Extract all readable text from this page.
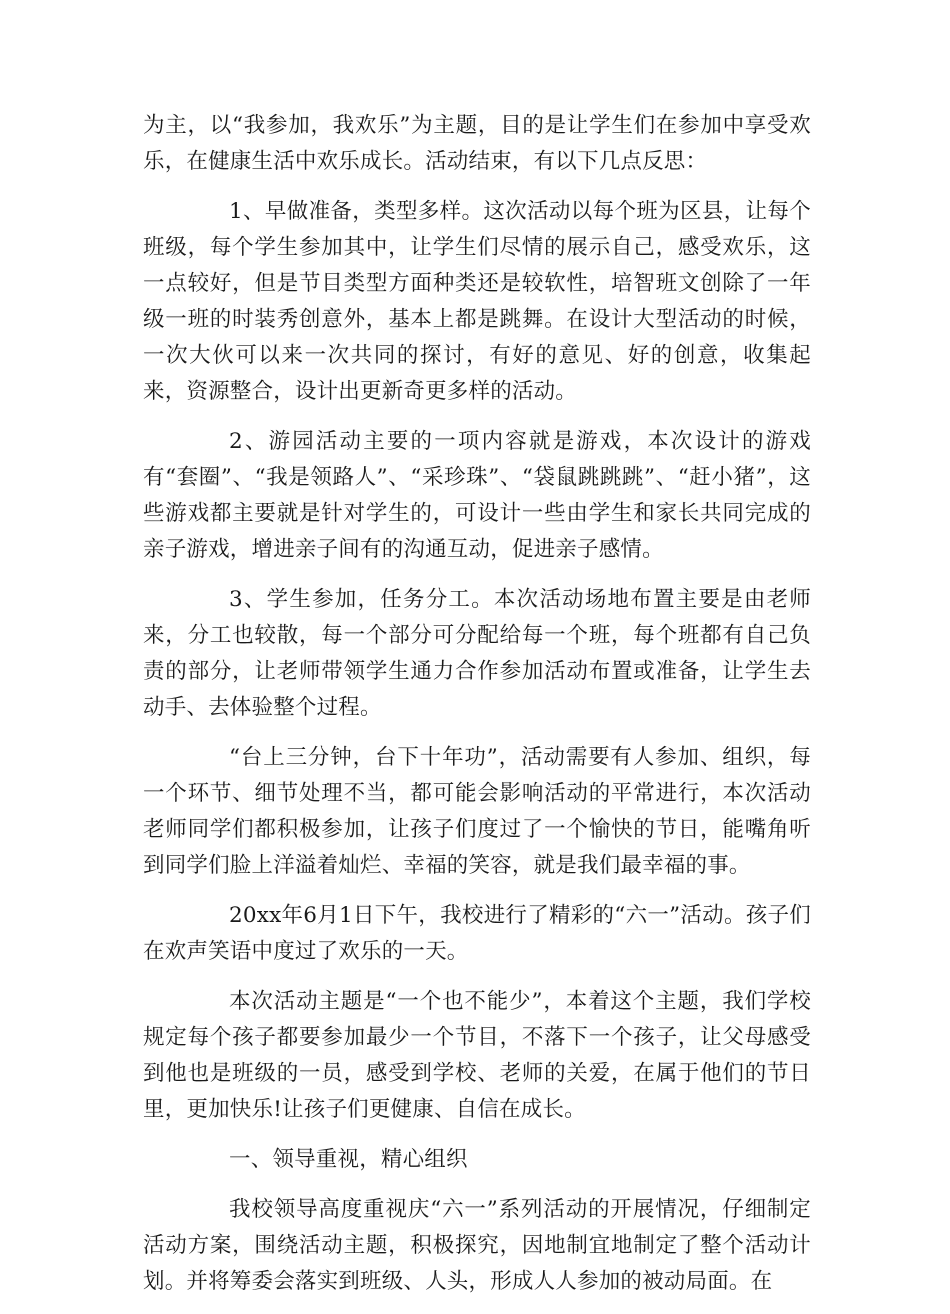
为主，以“我参加，我欢乐”为主题，目的是让学生们在参加中享受欢乐，在健康生活中欢乐成长。活动结束，有以下几点反思：

1、早做准备，类型多样。这次活动以每个班为区县，让每个班级，每个学生参加其中，让学生们尽情的展示自己，感受欢乐，这一点较好，但是节目类型方面种类还是较软性，培智班文创除了一年级一班的时装秀创意外，基本上都是跳舞。在设计大型活动的时候，一次大伙可以来一次共同的探讨，有好的意见、好的创意，收集起来，资源整合，设计出更新奇更多样的活动。

2、游园活动主要的一项内容就是游戏，本次设计的游戏有“套圈”、“我是领路人”、“采珍珠”、“袋鼠跳跳跳”、“赶小猪”，这些游戏都主要就是针对学生的，可设计一些由学生和家长共同完成的亲子游戏，增进亲子间有的沟通互动，促进亲子感情。

3、学生参加，任务分工。本次活动场地布置主要是由老师来，分工也较散，每一个部分可分配给每一个班，每个班都有自己负责的部分，让老师带领学生通力合作参加活动布置或准备，让学生去动手、去体验整个过程。

“台上三分钟，台下十年功”，活动需要有人参加、组织，每一个环节、细节处理不当，都可能会影响活动的平常进行，本次活动老师同学们都积极参加，让孩子们度过了一个愉快的节日，能嘴角听到同学们脸上洋溢着灿烂、幸福的笑容，就是我们最幸福的事。

20xx年6月1日下午，我校进行了精彩的“六一”活动。孩子们在欢声笑语中度过了欢乐的一天。

本次活动主题是“一个也不能少”，本着这个主题，我们学校规定每个孩子都要参加最少一个节目，不落下一个孩子，让父母感受到他也是班级的一员，感受到学校、老师的关爱，在属于他们的节日里，更加快乐!让孩子们更健康、自信在成长。

一、领导重视，精心组织

我校领导高度重视庆“六一”系列活动的开展情况，仔细制定活动方案，围绕活动主题，积极探究，因地制宜地制定了整个活动计划。并将筹委会落实到班级、人头，形成人人参加的被动局面。在
